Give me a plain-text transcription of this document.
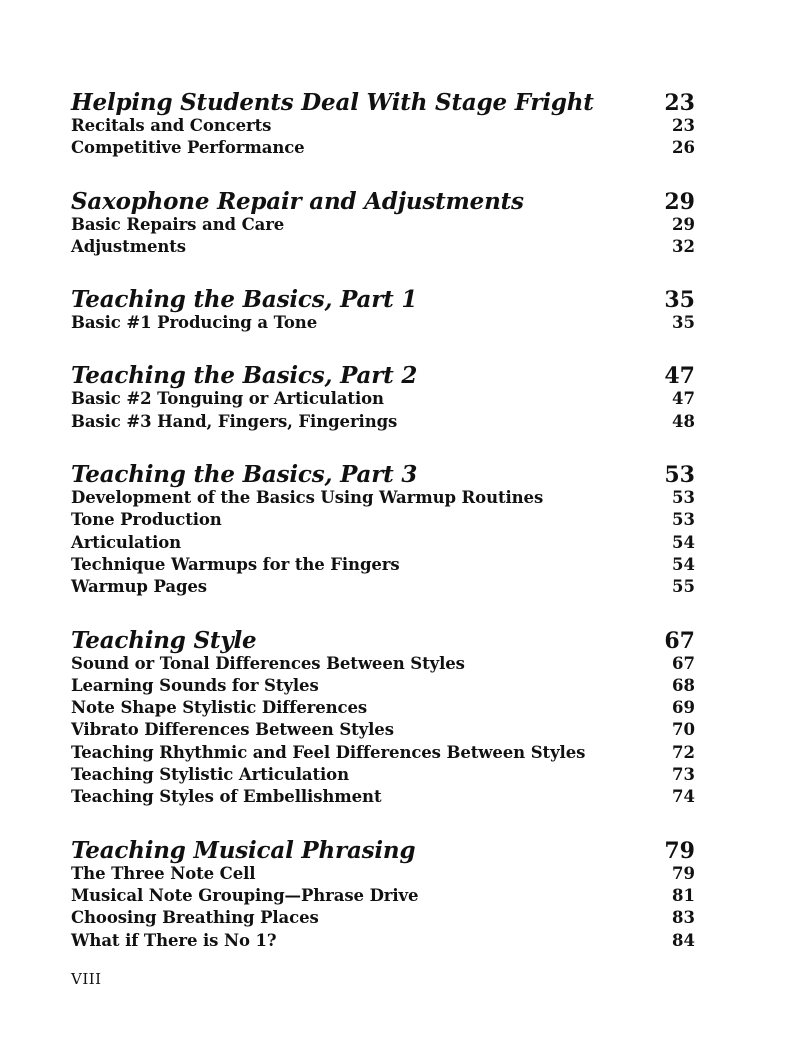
Helping Students Deal With Stage Fright	23
Recitals and Concerts	23
Competitive Performance	26
Saxophone Repair and Adjustments	29
Basic Repairs and Care	29
Adjustments	32
Teaching the Basics, Part 1	35
Basic #1 Producing a Tone	35
Teaching the Basics, Part 2	47
Basic #2 Tonguing or Articulation	47
Basic #3 Hand, Fingers, Fingerings	48
Teaching the Basics, Part 3	53
Development of the Basics Using Warmup Routines	53
Tone Production	53
Articulation	54
Technique Warmups for the Fingers	54
Warmup Pages	55
Teaching Style	67
Sound or Tonal Differences Between Styles	67
Learning Sounds for Styles	68
Note Shape Stylistic Differences	69
Vibrato Differences Between Styles	70
Teaching Rhythmic and Feel Differences Between Styles	72
Teaching Stylistic Articulation	73
Teaching Styles of Embellishment	74
Teaching Musical Phrasing	79
The Three Note Cell	79
Musical Note Grouping—Phrase Drive	81
Choosing Breathing Places	83
What if There is No 1?	84
VIII
